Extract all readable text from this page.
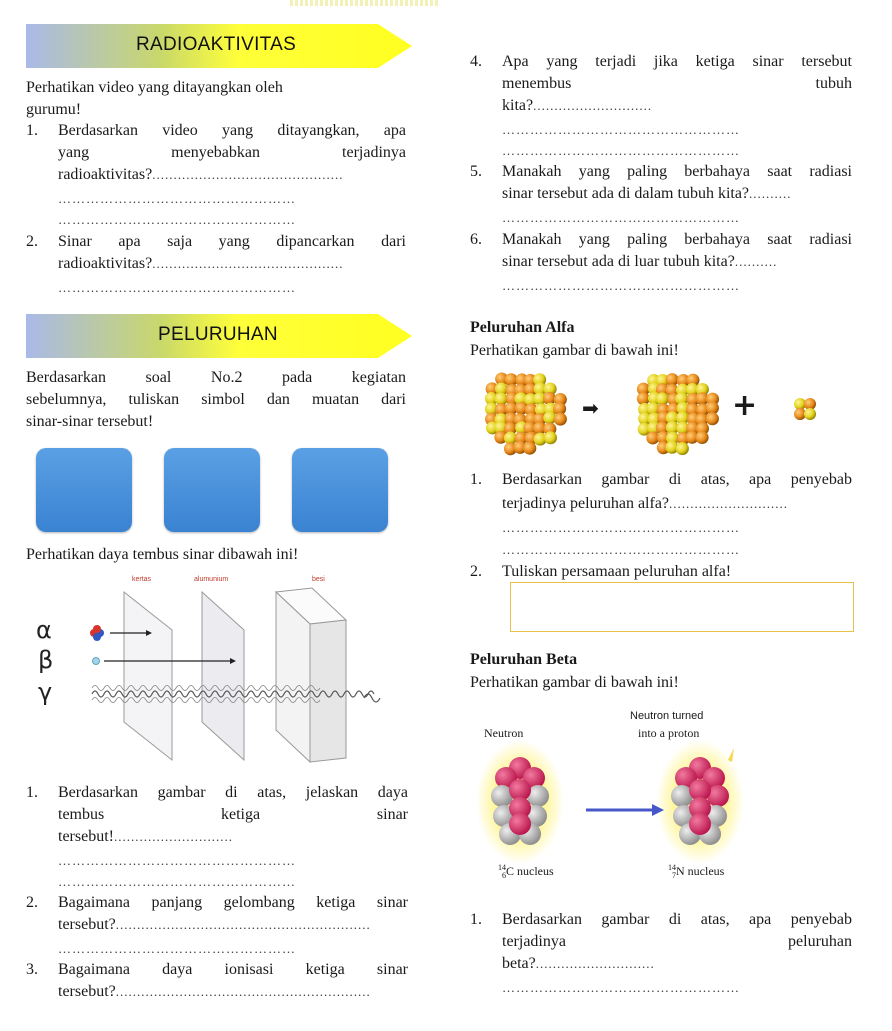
RADIOAKTIVITAS
Perhatikan video yang ditayangkan oleh
gurumu!
1. Berdasarkan video yang ditayangkan, apa
yang menyebabkan terjadinya
radioaktivitas?.............................................
……………………………………………
……………………………………………
2. Sinar apa saja yang dipancarkan dari
radioaktivitas?.............................................
……………………………………………
PELURUHAN
Berdasarkan soal No.2 pada kegiatan
sebelumnya, tuliskan simbol dan muatan dari
sinar-sinar tersebut!
Perhatikan daya tembus sinar dibawah ini!
kertas	alumunium	besi
α
β
γ
1. Berdasarkan gambar di atas, jelaskan daya
tembus ketiga sinar
tersebut!............................
……………………………………………
……………………………………………
2. Bagaimana panjang gelombang ketiga sinar
tersebut?............................................................
……………………………………………
3. Bagaimana daya ionisasi ketiga sinar
tersebut?............................................................
4. Apa yang terjadi jika ketiga sinar tersebut
menembus tubuh
kita?............................
……………………………………………
……………………………………………
5. Manakah yang paling berbahaya saat radiasi
sinar tersebut ada di dalam tubuh kita?..........
……………………………………………
6. Manakah yang paling berbahaya saat radiasi
sinar tersebut ada di luar tubuh kita?..........
……………………………………………
Peluruhan Alfa
Perhatikan gambar di bawah ini!
➡	+
1. Berdasarkan gambar di atas, apa penyebab
terjadinya peluruhan alfa?............................
……………………………………………
……………………………………………
2. Tuliskan persamaan peluruhan alfa!
Peluruhan Beta
Perhatikan gambar di bawah ini!
Neutron
Neutron turned
into a proton
14
6C nucleus	14
7N nucleus
1. Berdasarkan gambar di atas, apa penyebab
terjadinya peluruhan
beta?............................
……………………………………………
